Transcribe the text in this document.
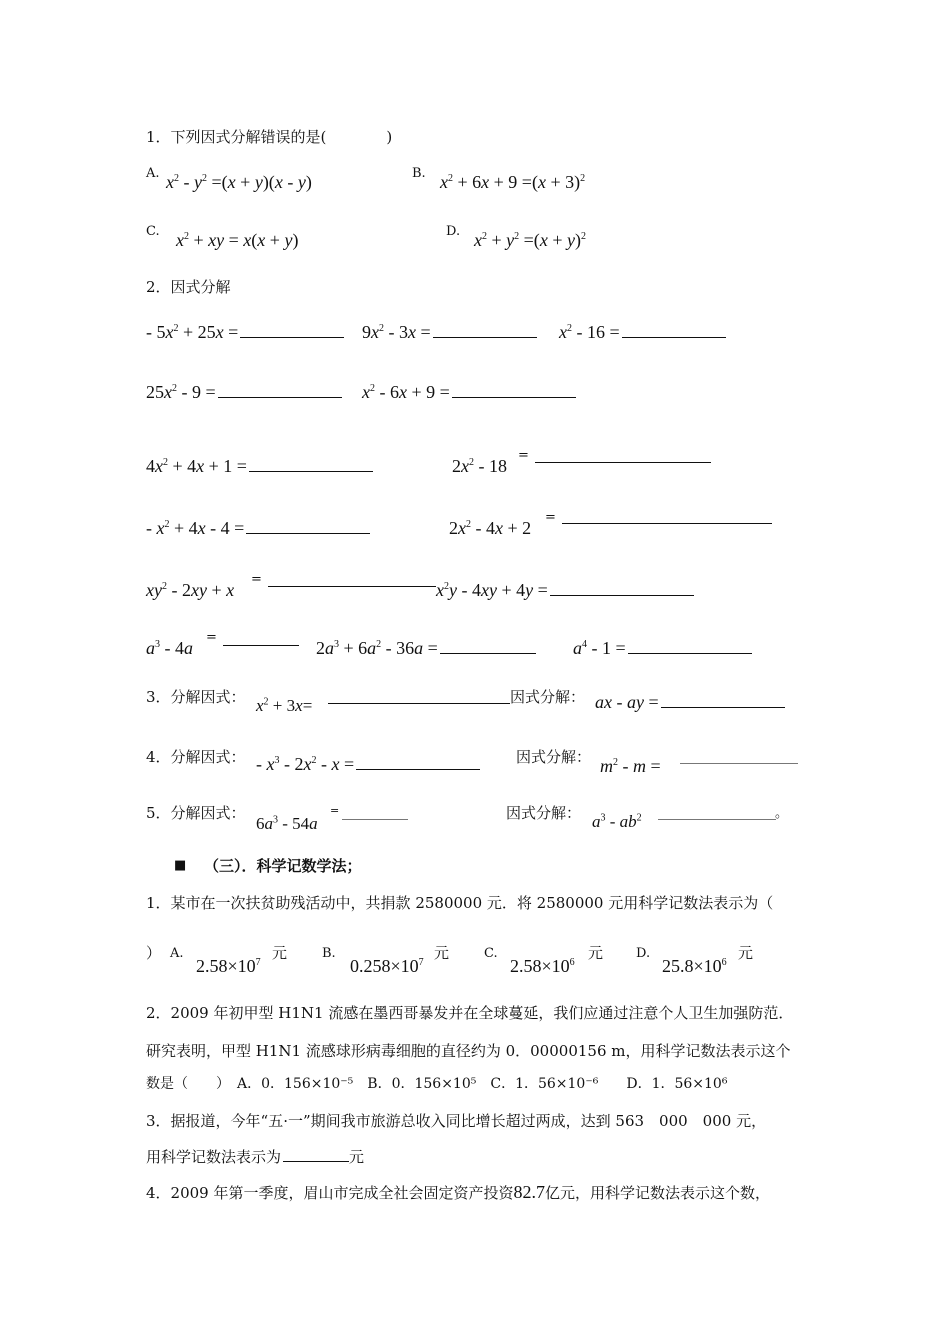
1．下列因式分解错误的是(　　　　)
A. $x^2 - y^2 =(x + y)(x - y)$	B. $x^2 + 6x + 9 =(x + 3)^2$
C. $x^2$ + xy = x(x + y)	D. $x^2 + y^2 =(x + y)^2$
2．因式分解
- $5x^2 + 25x$ =	$9x^2 - 3x$ =	$x^2 - 16$ =
$25x^2 - 9$ =	$x^2 - 6x + 9$ =
$4x^2 + 4x + 1$ =	$2x^2 - 18$
=
- $x^2 + 4x - 4$ =	$2x^2 - 4x + 2$
=
$xy^2 - 2xy + x$
=
$x^2y - 4xy + 4y$ =
$a^3 - 4a$
=
$2a^3 + 6a^2 - 36a$ =	$a^4 - 1$ =
3．分解因式： $x^2 + 3x=$	因式分解： ax - ay =
4．分解因式： - $x^3 - 2x^2$ - x =	因式分解： $m^2$ - m =
5．分解因式：
$6a^3 - 54a$
=	因式分解： $a^3 - ab^2$	。
■ （三）．科学记数学法；
1．某市在一次扶贫助残活动中，共捐款 2580000 元．将 2580000 元用科学记数法表示为（
） A.
$2.58\times 10^7$
元	B.
$0.258\times 10^7$
元	C.
$2.58\times 10^6$
元	D.
$25.8\times 10^6$
元
2．2009 年初甲型 H1N1 流感在墨西哥暴发并在全球蔓延，我们应通过注意个人卫生加强防范．
研究表明，甲型 H1N1 流感球形病毒细胞的直径约为 0．00000156 m，用科学记数法表示这个
数是（　　）　A．0．156×10⁻⁵　B．0．156×10⁵　C．1．56×10⁻⁶　　D．1．56×10⁶
3．据报道，今年“五·一”期间我市旅游总收入同比增长超过两成，达到 563　000　000 元，
用科学记数法表示为	元
4．2009 年第一季度，眉山市完成全社会固定资产投资82.7亿元，用科学记数法表示这个数，
